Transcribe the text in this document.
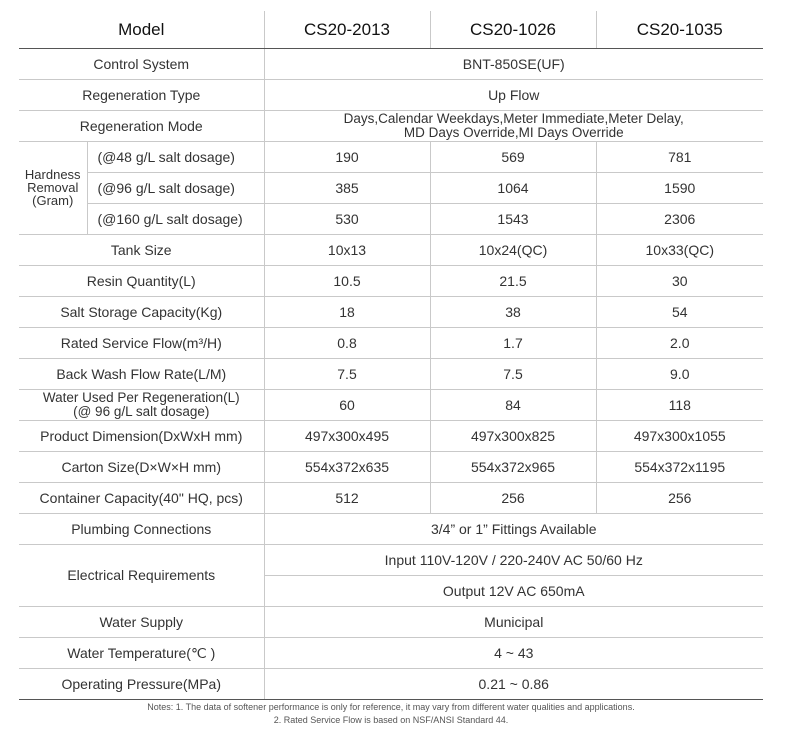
Model		CS20-2013	CS20-1026	CS20-1035
Control System		BNT-850SE(UF)		
Regeneration Type		Up Flow		
Regeneration Mode		Days,Calendar Weekdays,Meter Immediate,Meter Delay,
MD Days Override,MI Days Override		

Hardness
Removal
(Gram)	(@48 g/L salt dosage)	190	569	781
	(@96 g/L salt dosage)	385	1064	1590
	(@160 g/L salt dosage)	530	1543	2306
Tank Size		10x13	10x24(QC)	10x33(QC)
Resin Quantity(L)		10.5	21.5	30
Salt Storage Capacity(Kg)		18	38	54
Rated Service Flow(m³/H)		0.8	1.7	2.0
Back Wash Flow Rate(L/M)		7.5	7.5	9.0

Water Used Per Regeneration(L)
(@ 96 g/L salt dosage)		60	84	118
Product Dimension(DxWxH mm)		497x300x495	497x300x825	497x300x1055
Carton Size(D×W×H mm)		554x372x635	554x372x965	554x372x1195
Container Capacity(40" HQ, pcs)		512	256	256
Plumbing Connections		3/4” or 1” Fittings Available		
Electrical Requirements		Input 110V-120V / 220-240V AC 50/60 Hz		
		Output 12V AC 650mA		
Water Supply		Municipal		
Water Temperature(℃ )		4 ~ 43		
Operating Pressure(MPa)		0.21 ~ 0.86		
Notes: 1. The data of softener performance is only for reference, it may vary from different water qualities and applications.
2. Rated Service Flow is based on NSF/ANSI Standard 44.
